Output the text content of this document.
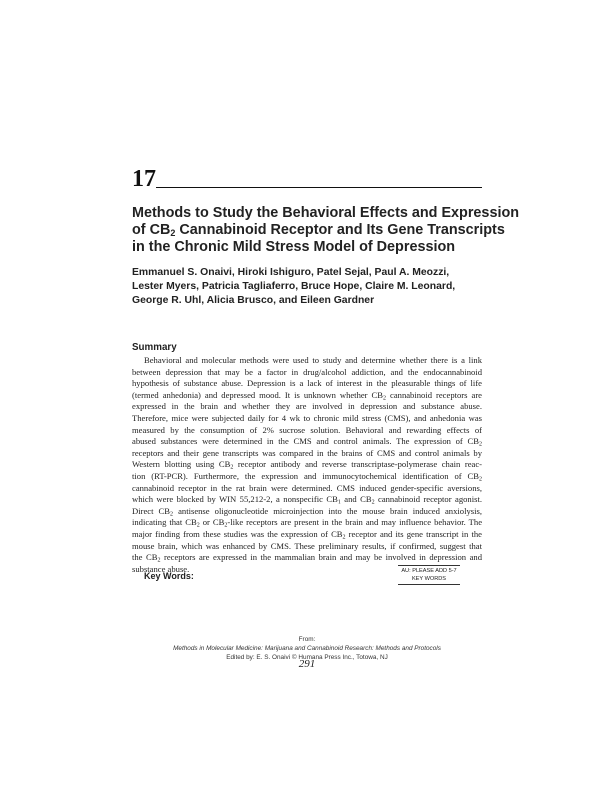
17
Methods to Study the Behavioral Effects and Expression
of $CB_2$ Cannabinoid Receptor and Its Gene Transcripts
in the Chronic Mild Stress Model of Depression
Emmanuel S. Onaivi, Hiroki Ishiguro, Patel Sejal, Paul A. Meozzi,
Lester Myers, Patricia Tagliaferro, Bruce Hope, Claire M. Leonard,
George R. Uhl, Alicia Brusco, and Eileen Gardner
Summary
Behavioral and molecular methods were used to study and determine whether there is a link
between depression that may be a factor in drug/alcohol addiction, and the endocannabinoid
hypothesis of substance abuse. Depression is a lack of interest in the pleasurable things of life
(termed anhedonia) and depressed mood. It is unknown whether $CB_2$ cannabinoid receptors are
expressed in the brain and whether they are involved in depression and substance abuse.
Therefore, mice were subjected daily for 4 wk to chronic mild stress (CMS), and anhedonia was
measured by the consumption of 2% sucrose solution. Behavioral and rewarding effects of
abused substances were determined in the CMS and control animals. The expression of $CB_2$
receptors and their gene transcripts was compared in the brains of CMS and control animals by
Western blotting using $CB_2$ receptor antibody and reverse transcriptase-polymerase chain reac-
tion (RT-PCR). Furthermore, the expression and immunocytochemical identification of $CB_2$
cannabinoid receptor in the rat brain were determined. CMS induced gender-specific aversions,
which were blocked by WIN 55,212-2, a nonspecific $CB_1$ and $CB_2$ cannabinoid receptor agonist.
Direct $CB_2$ antisense oligonucleotide microinjection into the mouse brain induced anxiolysis,
indicating that $CB_2$ or $CB_2$-like receptors are present in the brain and may influence behavior. The
major finding from these studies was the expression of $CB_2$ receptor and its gene transcript in the
mouse brain, which was enhanced by CMS. These preliminary results, if confirmed, suggest that
the $CB_2$ receptors are expressed in the mammalian brain and may be involved in depression and
substance abuse.
Key Words:	AU: PLEASE ADD 5-7
KEY WORDS
From:
Methods in Molecular Medicine: Marijuana and Cannabinoid Research: Methods and Protocols
Edited by: E. S. Onaivi © Humana Press Inc., Totowa, NJ
291
